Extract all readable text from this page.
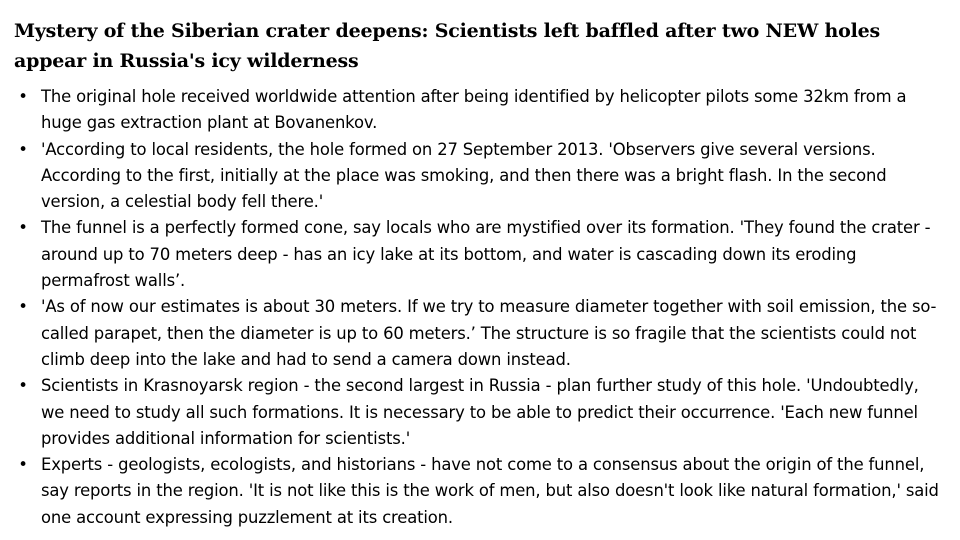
Mystery of the Siberian crater deepens: Scientists left baffled after two NEW holes appear in Russia's icy wilderness
• The original hole received worldwide attention after being identified by helicopter pilots some 32km from a huge gas extraction plant at Bovanenkov.
• 'According to local residents, the hole formed on 27 September 2013. 'Observers give several versions. According to the first, initially at the place was smoking, and then there was a bright flash. In the second version, a celestial body fell there.'
• The funnel is a perfectly formed cone, say locals who are mystified over its formation. 'They found the crater - around up to 70 meters deep - has an icy lake at its bottom, and water is cascading down its eroding permafrost walls’.
• 'As of now our estimates is about 30 meters. If we try to measure diameter together with soil emission, the so-called parapet, then the diameter is up to 60 meters.’ The structure is so fragile that the scientists could not climb deep into the lake and had to send a camera down instead.
• Scientists in Krasnoyarsk region - the second largest in Russia - plan further study of this hole. 'Undoubtedly, we need to study all such formations. It is necessary to be able to predict their occurrence. 'Each new funnel provides additional information for scientists.'
• Experts - geologists, ecologists, and historians - have not come to a consensus about the origin of the funnel, say reports in the region. 'It is not like this is the work of men, but also doesn't look like natural formation,' said one account expressing puzzlement at its creation.
